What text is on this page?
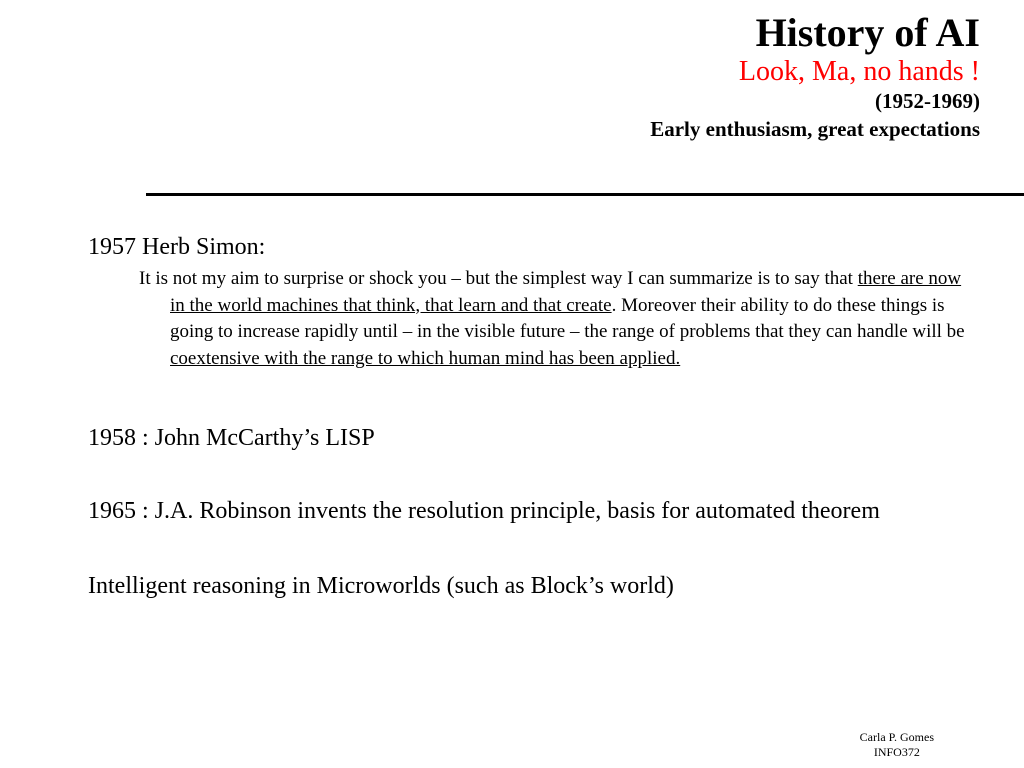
History of AI
Look, Ma, no hands !
(1952-1969)
Early enthusiasm, great expectations
1957 Herb Simon:
It is not my aim to surprise or shock you – but the simplest way I can summarize is to say that there are now in the world machines that think, that learn and that create. Moreover their ability to do these things is going to increase rapidly until – in the visible future – the range of problems that they can handle will be coextensive with the range to which human mind has been applied.
1958 : John McCarthy’s LISP
1965 : J.A. Robinson invents the resolution principle, basis for automated theorem
Intelligent reasoning in Microworlds (such as Block’s world)
Carla P. Gomes
INFO372
